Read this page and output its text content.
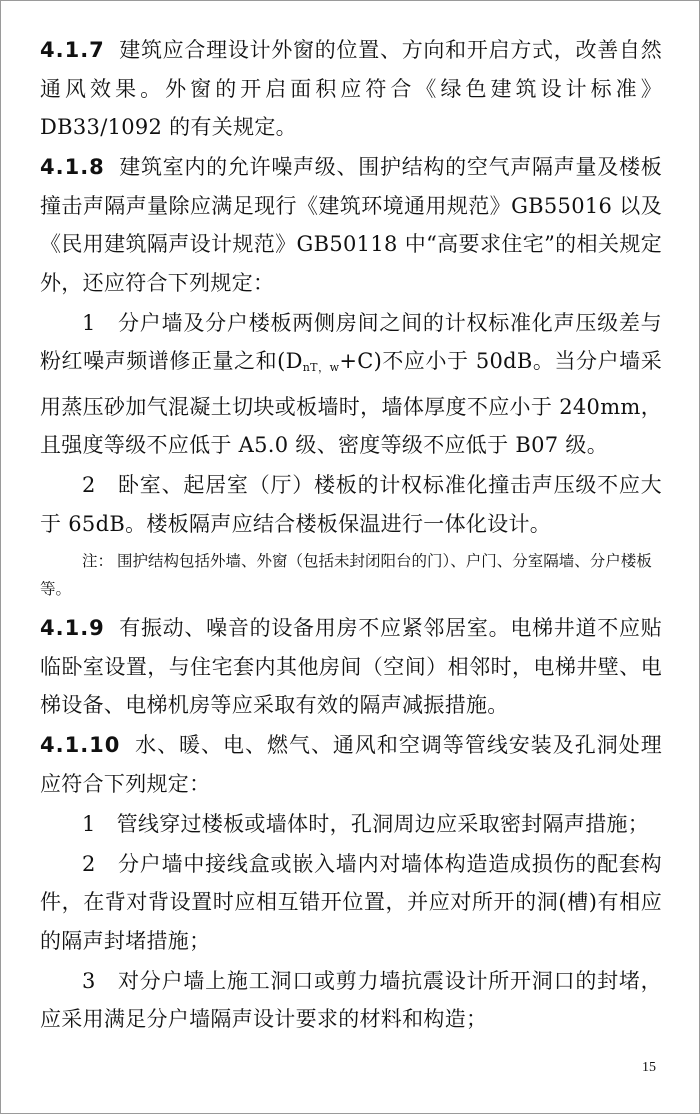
4.1.7 建筑应合理设计外窗的位置、方向和开启方式，改善自然通风效果。外窗的开启面积应符合《绿色建筑设计标准》DB33/1092 的有关规定。

4.1.8 建筑室内的允许噪声级、围护结构的空气声隔声量及楼板撞击声隔声量除应满足现行《建筑环境通用规范》GB55016 以及《民用建筑隔声设计规范》GB50118 中“高要求住宅”的相关规定外，还应符合下列规定：

1 分户墙及分户楼板两侧房间之间的计权标准化声压级差与粉红噪声频谱修正量之和$(D_{nT,w}+C)$不应小于 50dB。当分户墙采用蒸压砂加气混凝土切块或板墙时，墙体厚度不应小于 240mm，且强度等级不应低于 A5.0 级、密度等级不应低于 B07 级。

2 卧室、起居室（厅）楼板的计权标准化撞击声压级不应大于 65dB。楼板隔声应结合楼板保温进行一体化设计。

注： 围护结构包括外墙、外窗（包括未封闭阳台的门）、户门、分室隔墙、分户楼板等。

4.1.9 有振动、噪音的设备用房不应紧邻居室。电梯井道不应贴临卧室设置，与住宅套内其他房间（空间）相邻时，电梯井壁、电梯设备、电梯机房等应采取有效的隔声减振措施。

4.1.10 水、暖、电、燃气、通风和空调等管线安装及孔洞处理应符合下列规定：

1 管线穿过楼板或墙体时，孔洞周边应采取密封隔声措施；

2 分户墙中接线盒或嵌入墙内对墙体构造造成损伤的配套构件，在背对背设置时应相互错开位置，并应对所开的洞(槽)有相应的隔声封堵措施；

3 对分户墙上施工洞口或剪力墙抗震设计所开洞口的封堵，应采用满足分户墙隔声设计要求的材料和构造；

15
